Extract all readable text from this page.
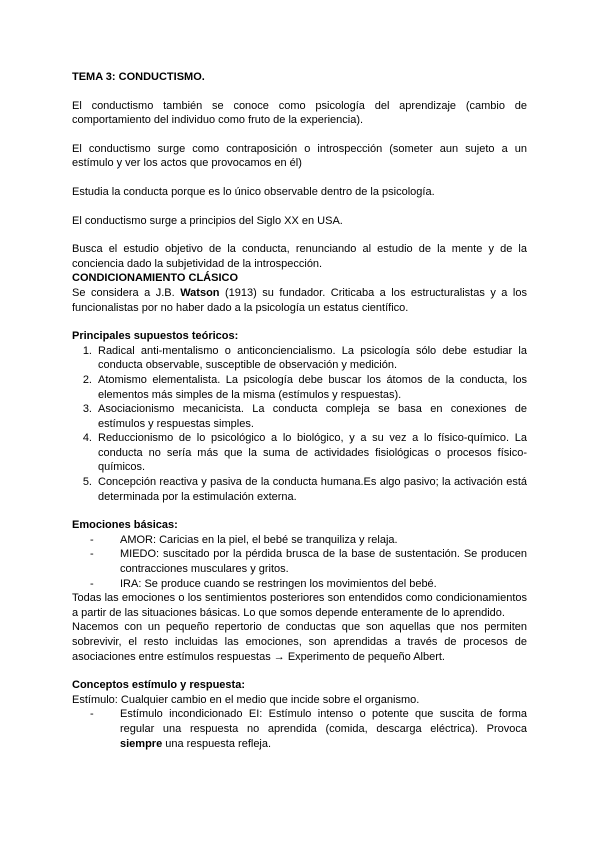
TEMA 3: CONDUCTISMO.

El conductismo también se conoce como psicología del aprendizaje (cambio de comportamiento del individuo como fruto de la experiencia).

El conductismo surge como contraposición o introspección (someter aun sujeto a un estímulo y ver los actos que provocamos en él)

Estudia la conducta porque es lo único observable dentro de la psicología.

El conductismo surge a principios del Siglo XX en USA.

Busca el estudio objetivo de la conducta, renunciando al estudio de la mente y de la conciencia dado la subjetividad de la introspección.

CONDICIONAMIENTO CLÁSICO

Se considera a J.B. Watson (1913) su fundador. Criticaba a los estructuralistas y a los funcionalistas por no haber dado a la psicología un estatus científico.

Principales supuestos teóricos:

1. Radical anti-mentalismo o anticonciencialismo. La psicología sólo debe estudiar la conducta observable, susceptible de observación y medición.
2. Atomismo elementalista. La psicología debe buscar los átomos de la conducta, los elementos más simples de la misma (estímulos y respuestas).
3. Asociacionismo mecanicista. La conducta compleja se basa en conexiones de estímulos y respuestas simples.
4. Reduccionismo de lo psicológico a lo biológico, y a su vez a lo físico-químico. La conducta no sería más que la suma de actividades fisiológicas o procesos físico-químicos.
5. Concepción reactiva y pasiva de la conducta humana.Es algo pasivo; la activación está determinada por la estimulación externa.

Emociones básicas:

-	AMOR: Caricias en la piel, el bebé se tranquiliza y relaja.
-	MIEDO: suscitado por la pérdida brusca de la base de sustentación. Se producen contracciones musculares y gritos.
-	IRA: Se produce cuando se restringen los movimientos del bebé.

Todas las emociones o los sentimientos posteriores son entendidos como condicionamientos a partir de las situaciones básicas. Lo que somos depende enteramente de lo aprendido.

Nacemos con un pequeño repertorio de conductas que son aquellas que nos permiten sobrevivir, el resto incluidas las emociones, son aprendidas a través de procesos de asociaciones entre estímulos respuestas → Experimento de pequeño Albert.

Conceptos estímulo y respuesta:

Estímulo: Cualquier cambio en el medio que incide sobre el organismo.

-	Estímulo incondicionado EI: Estímulo intenso o potente que suscita de forma regular una respuesta no aprendida (comida, descarga eléctrica). Provoca siempre una respuesta refleja.
